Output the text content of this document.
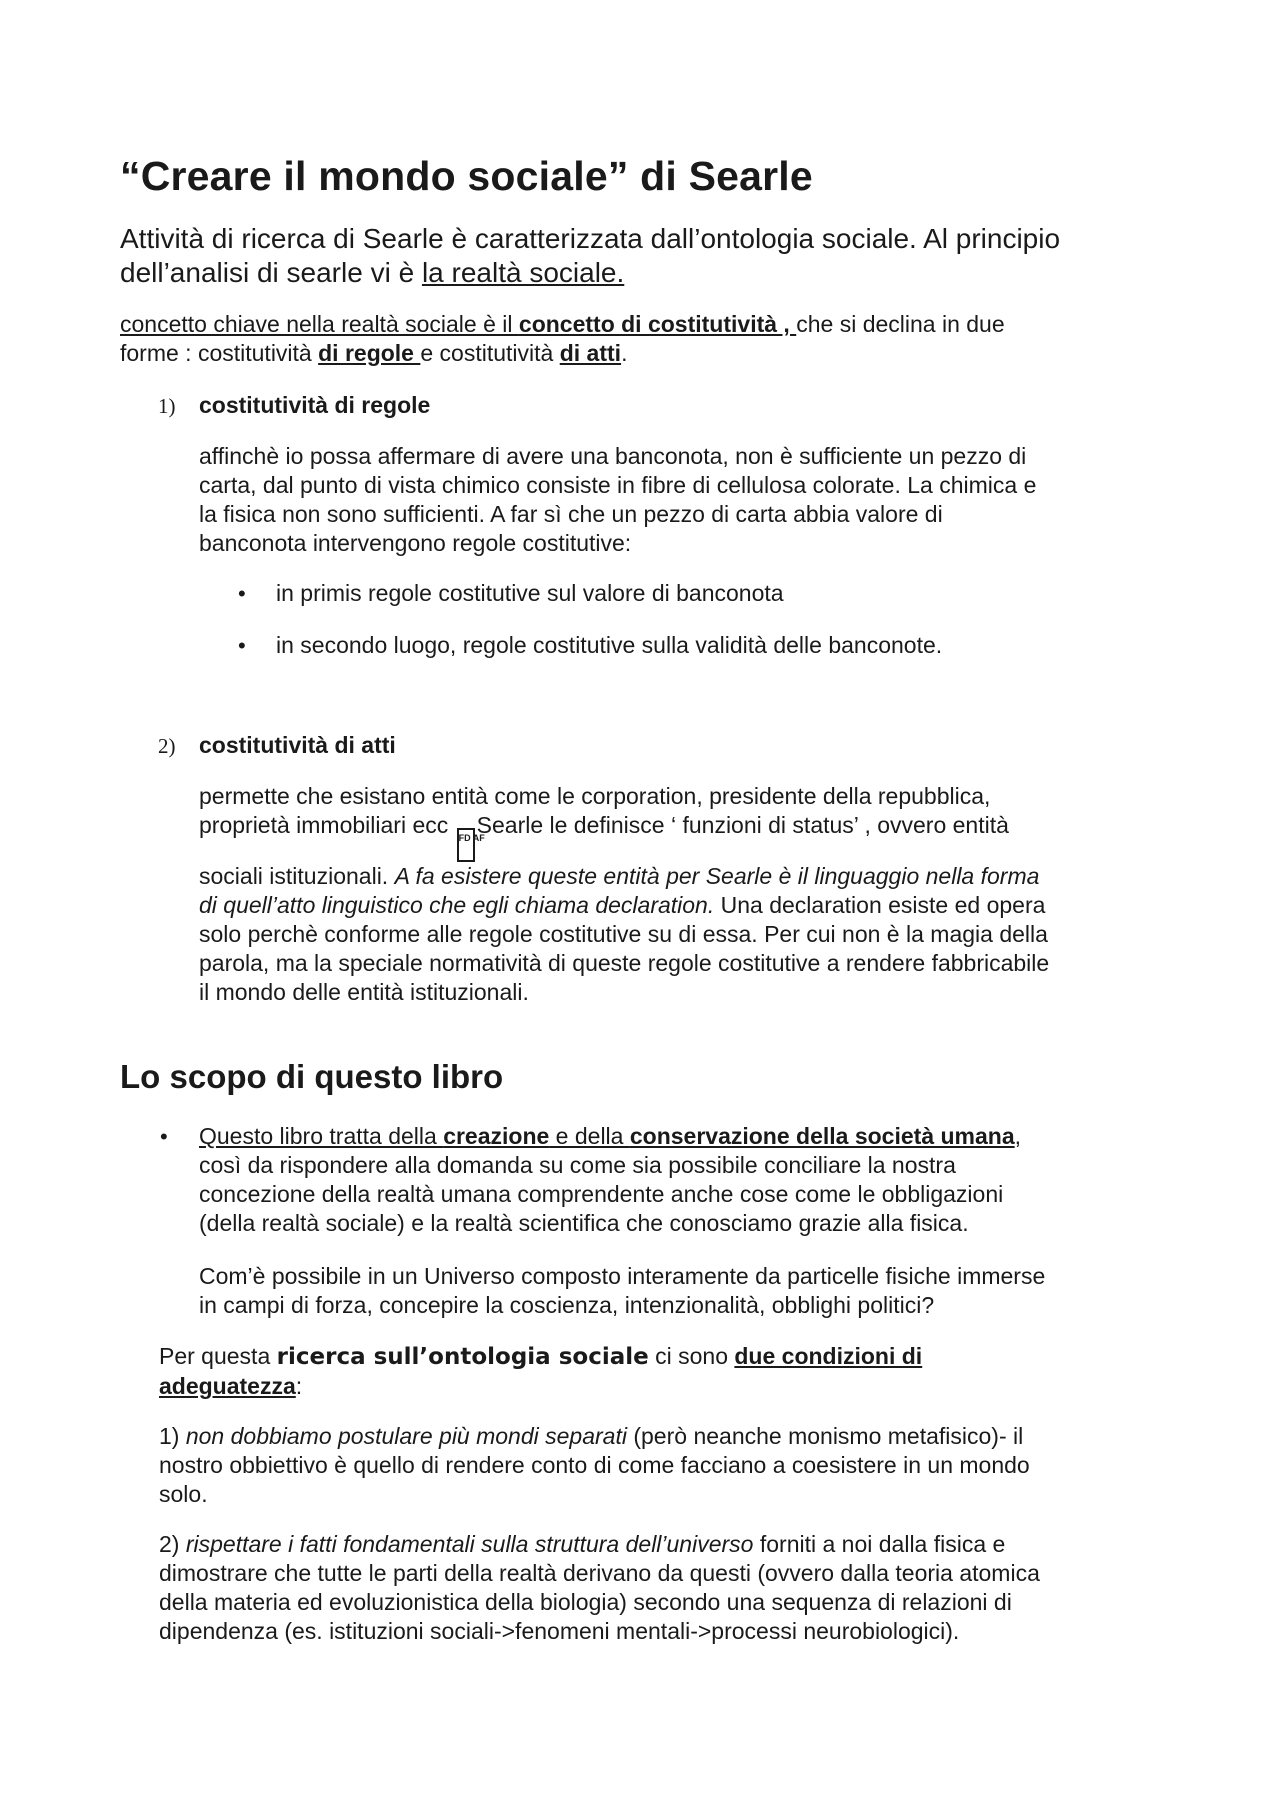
“Creare il mondo sociale” di Searle
Attività di ricerca di Searle è caratterizzata dall’ontologia sociale. Al principio
dell’analisi di searle vi è la realtà sociale.
concetto chiave nella realtà sociale è il concetto di costitutività , che si declina in due
forme : costitutività di regole e costitutività di atti.
1) costitutività di regole
affinchè io possa affermare di avere una banconota, non è sufficiente un pezzo di
carta, dal punto di vista chimico consiste in fibre di cellulosa colorate. La chimica e
la fisica non sono sufficienti. A far sì che un pezzo di carta abbia valore di
banconota intervengono regole costitutive:
• in primis regole costitutive sul valore di banconota
• in secondo luogo, regole costitutive sulla validità delle banconote.
2) costitutività di atti
permette che esistano entità come le corporation, presidente della repubblica,
proprietà immobiliari ecc FD AFSearle le definisce ‘ funzioni di status’ , ovvero entità
sociali istituzionali. A fa esistere queste entità per Searle è il linguaggio nella forma
di quell’atto linguistico che egli chiama declaration. Una declaration esiste ed opera
solo perchè conforme alle regole costitutive su di essa. Per cui non è la magia della
parola, ma la speciale normatività di queste regole costitutive a rendere fabbricabile
il mondo delle entità istituzionali.
Lo scopo di questo libro
• Questo libro tratta della creazione e della conservazione della società umana,
così da rispondere alla domanda su come sia possibile conciliare la nostra
concezione della realtà umana comprendente anche cose come le obbligazioni
(della realtà sociale) e la realtà scientifica che conosciamo grazie alla fisica.
Com’è possibile in un Universo composto interamente da particelle fisiche immerse
in campi di forza, concepire la coscienza, intenzionalità, obblighi politici?
Per questa ricerca sull’ontologia sociale ci sono due condizioni di
adeguatezza:
1) non dobbiamo postulare più mondi separati (però neanche monismo metafisico)- il
nostro obbiettivo è quello di rendere conto di come facciano a coesistere in un mondo
solo.
2) rispettare i fatti fondamentali sulla struttura dell’universo forniti a noi dalla fisica e
dimostrare che tutte le parti della realtà derivano da questi (ovvero dalla teoria atomica
della materia ed evoluzionistica della biologia) secondo una sequenza di relazioni di
dipendenza (es. istituzioni sociali->fenomeni mentali->processi neurobiologici).
